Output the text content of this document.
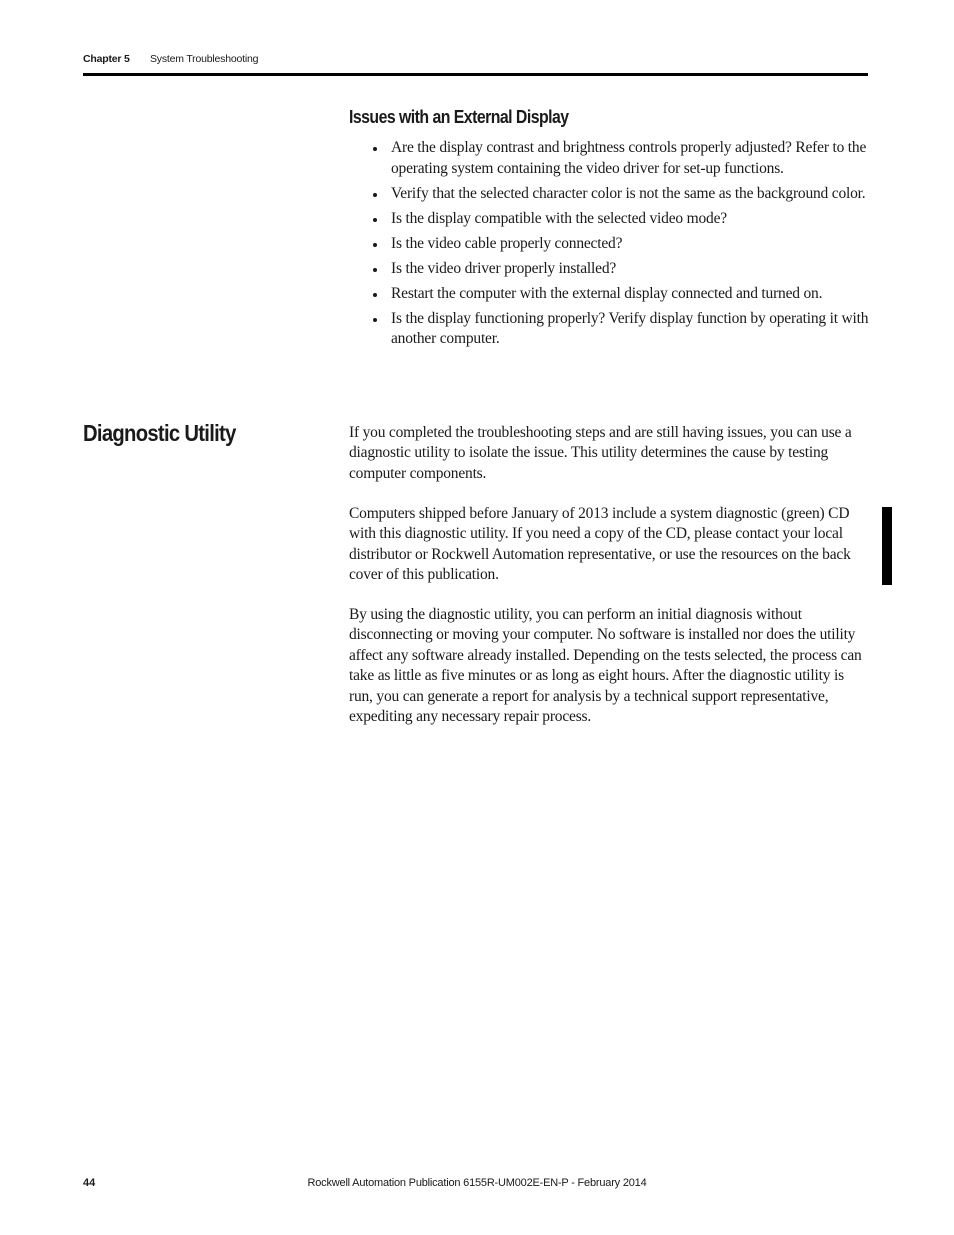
Chapter 5 System Troubleshooting
Issues with an External Display
Are the display contrast and brightness controls properly adjusted? Refer to the operating system containing the video driver for set-up functions.
Verify that the selected character color is not the same as the background color.
Is the display compatible with the selected video mode?
Is the video cable properly connected?
Is the video driver properly installed?
Restart the computer with the external display connected and turned on.
Is the display functioning properly? Verify display function by operating it with another computer.
Diagnostic Utility	If you completed the troubleshooting steps and are still having issues, you can use a diagnostic utility to isolate the issue. This utility determines the cause by testing computer components.

Computers shipped before January of 2013 include a system diagnostic (green) CD with this diagnostic utility. If you need a copy of the CD, please contact your local distributor or Rockwell Automation representative, or use the resources on the back cover of this publication.

By using the diagnostic utility, you can perform an initial diagnosis without disconnecting or moving your computer. No software is installed nor does the utility affect any software already installed. Depending on the tests selected, the process can take as little as five minutes or as long as eight hours. After the diagnostic utility is run, you can generate a report for analysis by a technical support representative, expediting any necessary repair process.

44	Rockwell Automation Publication 6155R-UM002E-EN-P - February 2014
